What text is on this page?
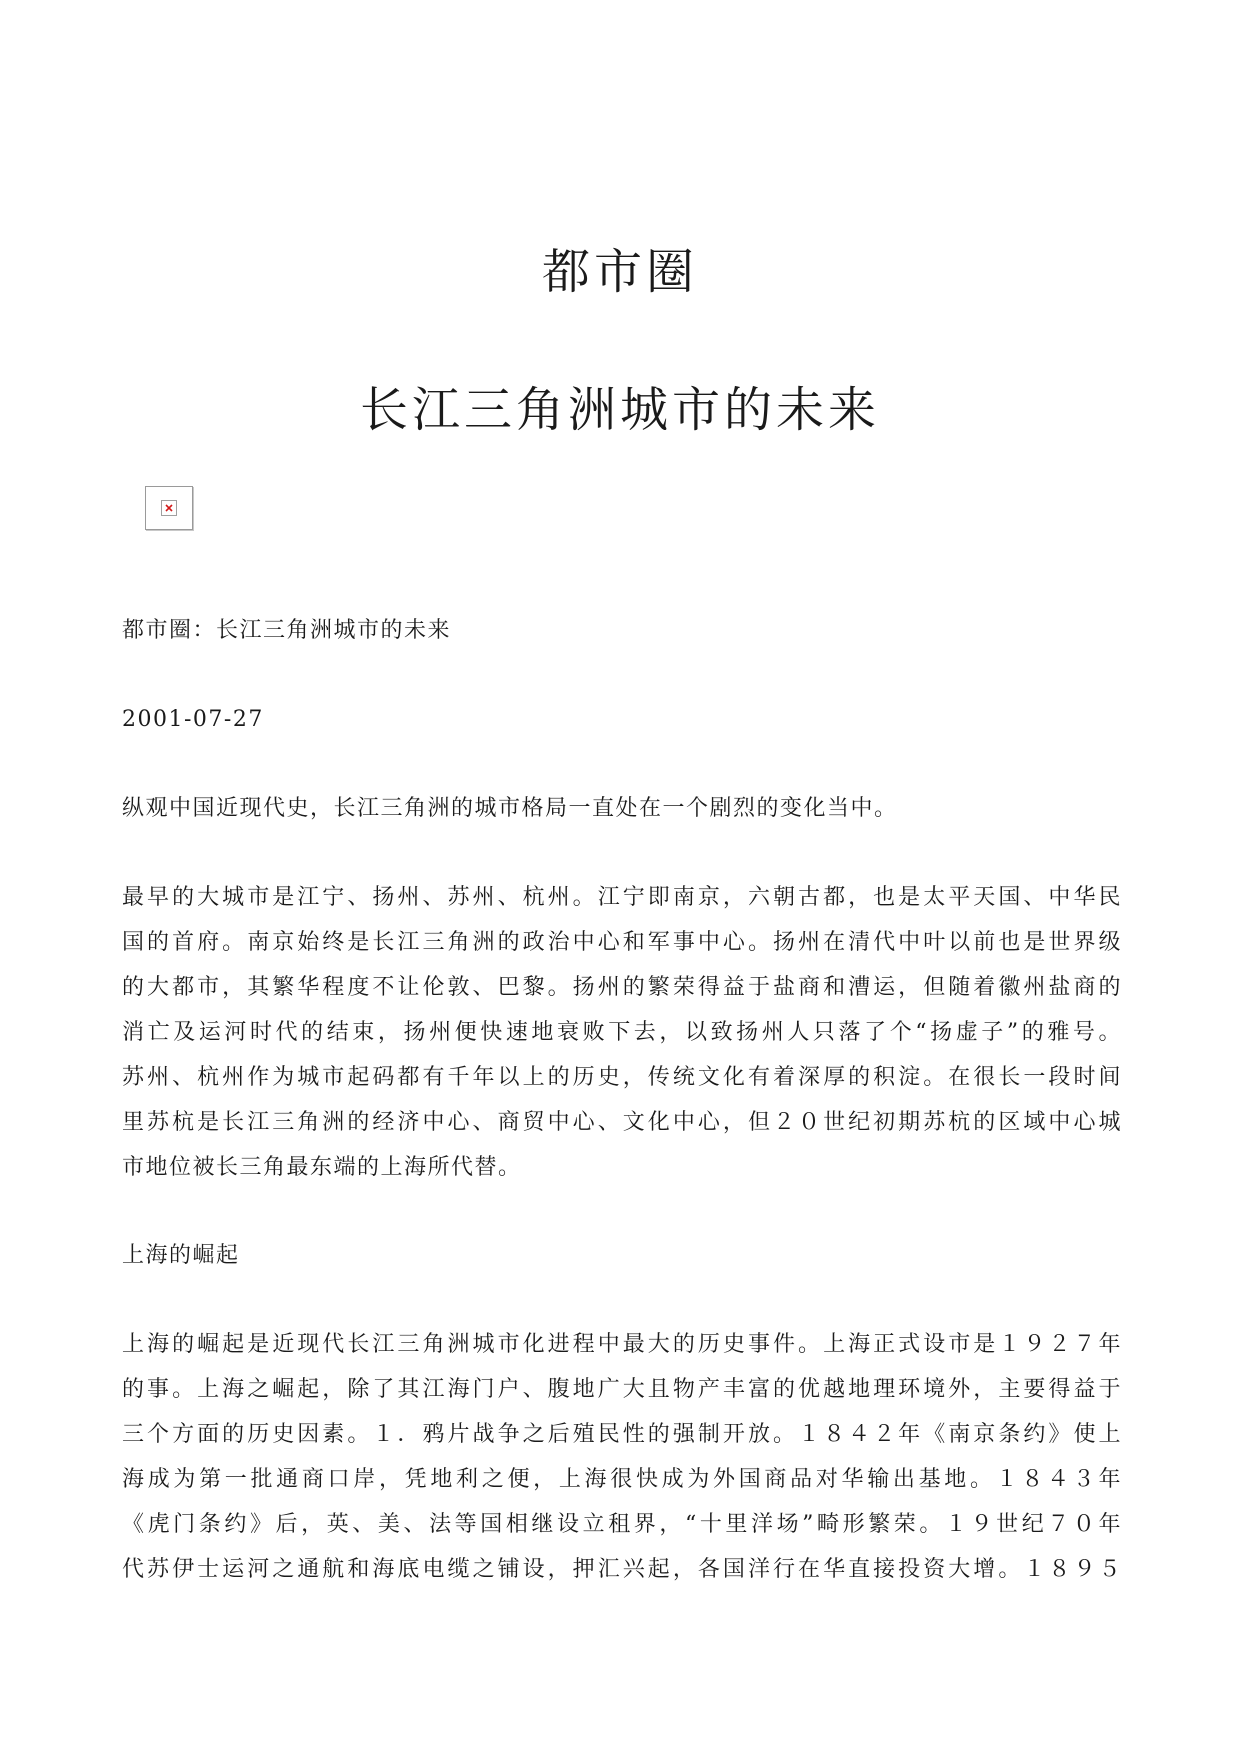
都市圈
长江三角洲城市的未来

都市圈：长江三角洲城市的未来

2001-07-27

纵观中国近现代史，长江三角洲的城市格局一直处在一个剧烈的变化当中。

最早的大城市是江宁、扬州、苏州、杭州。江宁即南京，六朝古都，也是太平天国、中华民

国的首府。南京始终是长江三角洲的政治中心和军事中心。扬州在清代中叶以前也是世界级

的大都市，其繁华程度不让伦敦、巴黎。扬州的繁荣得益于盐商和漕运，但随着徽州盐商的

消亡及运河时代的结束，扬州便快速地衰败下去，以致扬州人只落了个“扬虚子”的雅号。

苏州、杭州作为城市起码都有千年以上的历史，传统文化有着深厚的积淀。在很长一段时间

里苏杭是长江三角洲的经济中心、商贸中心、文化中心，但２０世纪初期苏杭的区域中心城

市地位被长三角最东端的上海所代替。

上海的崛起

上海的崛起是近现代长江三角洲城市化进程中最大的历史事件。上海正式设市是１９２７年

的事。上海之崛起，除了其江海门户、腹地广大且物产丰富的优越地理环境外，主要得益于

三个方面的历史因素。１．鸦片战争之后殖民性的强制开放。１８４２年《南京条约》使上

海成为第一批通商口岸，凭地利之便，上海很快成为外国商品对华输出基地。１８４３年

《虎门条约》后，英、美、法等国相继设立租界，“十里洋场”畸形繁荣。１９世纪７０年

代苏伊士运河之通航和海底电缆之铺设，押汇兴起，各国洋行在华直接投资大增。１８９５
